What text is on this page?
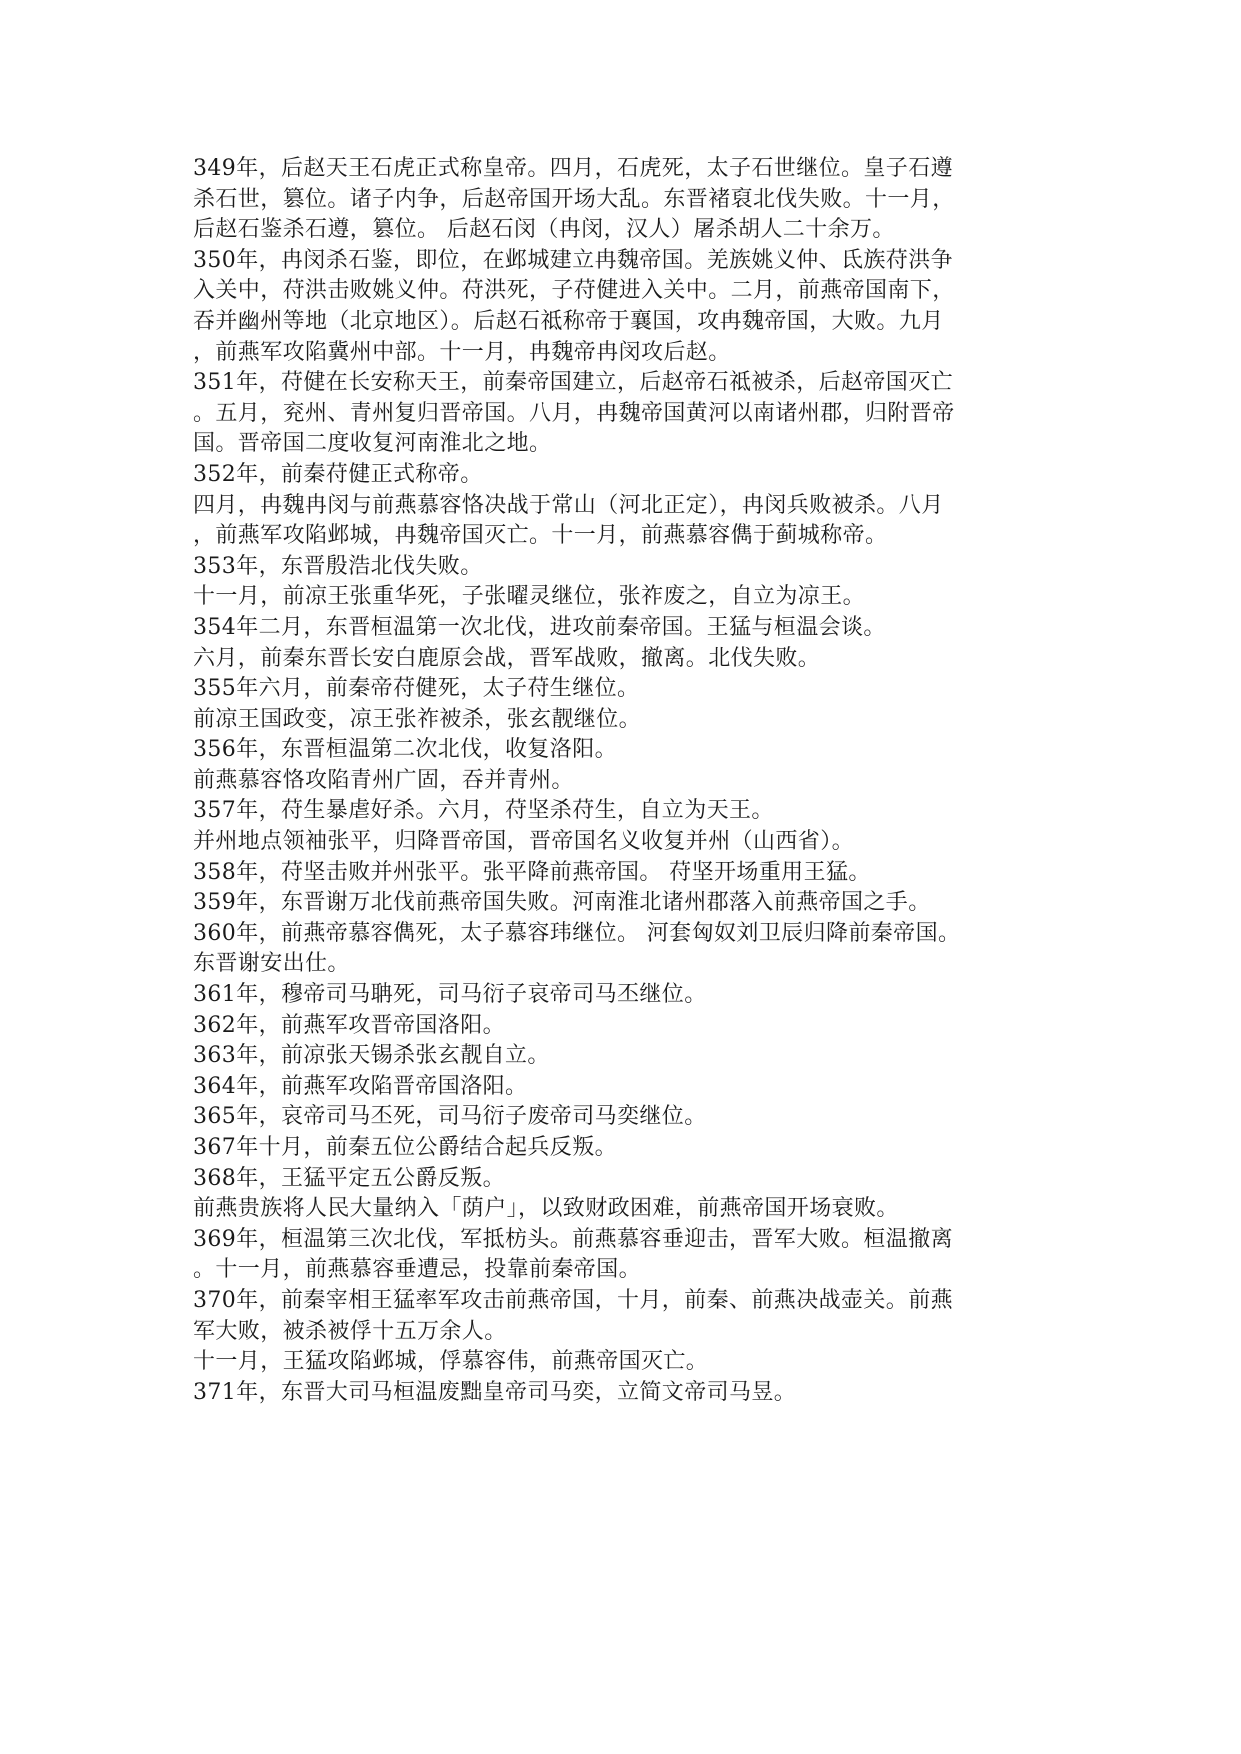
349年，后赵天王石虎正式称皇帝。四月，石虎死，太子石世继位。皇子石遵

杀石世，篡位。诸子内争，后赵帝国开场大乱。东晋褚裒北伐失败。十一月，

后赵石鉴杀石遵，篡位。 后赵石闵（冉闵，汉人）屠杀胡人二十余万。

350年，冉闵杀石鉴，即位，在邺城建立冉魏帝国。羌族姚义仲、氐族苻洪争

入关中，苻洪击败姚义仲。苻洪死，子苻健进入关中。二月，前燕帝国南下，

吞并幽州等地（北京地区）。后赵石祗称帝于襄国，攻冉魏帝国，大败。九月

，前燕军攻陷冀州中部。十一月，冉魏帝冉闵攻后赵。

351年，苻健在长安称天王，前秦帝国建立，后赵帝石祗被杀，后赵帝国灭亡

。五月，兖州、青州复归晋帝国。八月，冉魏帝国黄河以南诸州郡，归附晋帝

国。晋帝国二度收复河南淮北之地。

352年，前秦苻健正式称帝。

四月，冉魏冉闵与前燕慕容恪决战于常山（河北正定），冉闵兵败被杀。八月

，前燕军攻陷邺城，冉魏帝国灭亡。十一月，前燕慕容儁于蓟城称帝。

353年，东晋殷浩北伐失败。

十一月，前凉王张重华死，子张曜灵继位，张祚废之，自立为凉王。

354年二月，东晋桓温第一次北伐，进攻前秦帝国。王猛与桓温会谈。

六月，前秦东晋长安白鹿原会战，晋军战败，撤离。北伐失败。

355年六月，前秦帝苻健死，太子苻生继位。

前凉王国政变，凉王张祚被杀，张玄靓继位。

356年，东晋桓温第二次北伐，收复洛阳。

前燕慕容恪攻陷青州广固，吞并青州。

357年，苻生暴虐好杀。六月，苻坚杀苻生，自立为天王。

并州地点领袖张平，归降晋帝国，晋帝国名义收复并州（山西省）。

358年，苻坚击败并州张平。张平降前燕帝国。 苻坚开场重用王猛。

359年，东晋谢万北伐前燕帝国失败。河南淮北诸州郡落入前燕帝国之手。

360年，前燕帝慕容儁死，太子慕容玮继位。 河套匈奴刘卫辰归降前秦帝国。

东晋谢安出仕。

361年，穆帝司马聃死，司马衍子哀帝司马丕继位。

362年，前燕军攻晋帝国洛阳。

363年，前凉张天锡杀张玄靓自立。

364年，前燕军攻陷晋帝国洛阳。

365年，哀帝司马丕死，司马衍子废帝司马奕继位。

367年十月，前秦五位公爵结合起兵反叛。

368年，王猛平定五公爵反叛。

前燕贵族将人民大量纳入「荫户」，以致财政困难，前燕帝国开场衰败。

369年，桓温第三次北伐，军抵枋头。前燕慕容垂迎击，晋军大败。桓温撤离

。十一月，前燕慕容垂遭忌，投靠前秦帝国。

370年，前秦宰相王猛率军攻击前燕帝国，十月，前秦、前燕决战壶关。前燕

军大败，被杀被俘十五万余人。

十一月，王猛攻陷邺城，俘慕容伟，前燕帝国灭亡。

371年，东晋大司马桓温废黜皇帝司马奕，立简文帝司马昱。
